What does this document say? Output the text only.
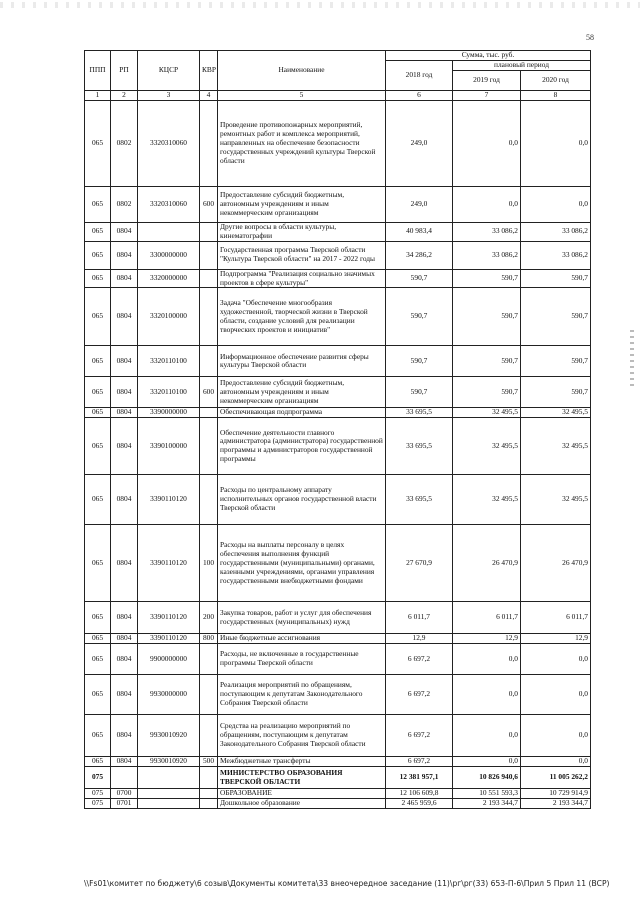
58
ППП	РП	КЦСР	КВР	Наименование	Сумма, тыс. руб.		
					2018 год	плановый период	
						2019 год	2020 год
1	2	3	4	5	6	7	8
065	0802	3320310060		Проведение противопожарных мероприятий, ремонтных работ и комплекса мероприятий, направленных на обеспечение безопасности государственных учреждений культуры Тверской области	249,0	0,0	0,0
065	0802	3320310060	600	Предоставление субсидий бюджетным, автономным учреждениям и иным некоммерческим организациям	249,0	0,0	0,0
065	0804			Другие вопросы в области культуры, кинематографии	40 983,4	33 086,2	33 086,2
065	0804	3300000000		Государственная программа Тверской области "Культура Тверской области" на 2017 - 2022 годы	34 286,2	33 086,2	33 086,2
065	0804	3320000000		Подпрограмма "Реализация социально значимых проектов в сфере культуры"	590,7	590,7	590,7
065	0804	3320100000		Задача "Обеспечение многообразия художественной, творческой жизни в Тверской области, создание условий для реализации творческих проектов и инициатив"	590,7	590,7	590,7
065	0804	3320110100		Информационное обеспечение развития сферы культуры Тверской области	590,7	590,7	590,7
065	0804	3320110100	600	Предоставление субсидий бюджетным, автономным учреждениям и иным некоммерческим организациям	590,7	590,7	590,7
065	0804	3390000000		Обеспечивающая подпрограмма	33 695,5	32 495,5	32 495,5
065	0804	3390100000		Обеспечение деятельности главного администратора (администратора) государственной программы и администраторов государственной программы	33 695,5	32 495,5	32 495,5
065	0804	3390110120		Расходы по центральному аппарату исполнительных органов государственной власти Тверской области	33 695,5	32 495,5	32 495,5
065	0804	3390110120	100	Расходы на выплаты персоналу в целях обеспечения выполнения функций государственными (муниципальными) органами, казенными учреждениями, органами управления государственными внебюджетными фондами	27 670,9	26 470,9	26 470,9
065	0804	3390110120	200	Закупка товаров, работ и услуг для обеспечения государственных (муниципальных) нужд	6 011,7	6 011,7	6 011,7
065	0804	3390110120	800	Иные бюджетные ассигнования	12,9	12,9	12,9
065	0804	9900000000		Расходы, не включенные в государственные программы Тверской области	6 697,2	0,0	0,0
065	0804	9930000000		Реализация мероприятий по обращениям, поступающим к депутатам Законодательного Собрания Тверской области	6 697,2	0,0	0,0
065	0804	9930010920		Средства на реализацию мероприятий по обращениям, поступающим к депутатам Законодательного Собрания Тверской области	6 697,2	0,0	0,0
065	0804	9930010920	500	Межбюджетные трансферты	6 697,2	0,0	0,0
075				МИНИСТЕРСТВО ОБРАЗОВАНИЯ ТВЕРСКОЙ ОБЛАСТИ	12 381 957,1	10 826 940,6	11 005 262,2
075	0700			ОБРАЗОВАНИЕ	12 106 609,8	10 551 593,3	10 729 914,9
075	0701			Дошкольное образование	2 465 959,6	2 193 344,7	2 193 344,7
\\Fs01\комитет по бюджету\6 созыв\Документы комитета\33 внеочередное заседание (11)\рг\рг(33) 653-П-6\Прил 5 Прил 11 (ВСР)
